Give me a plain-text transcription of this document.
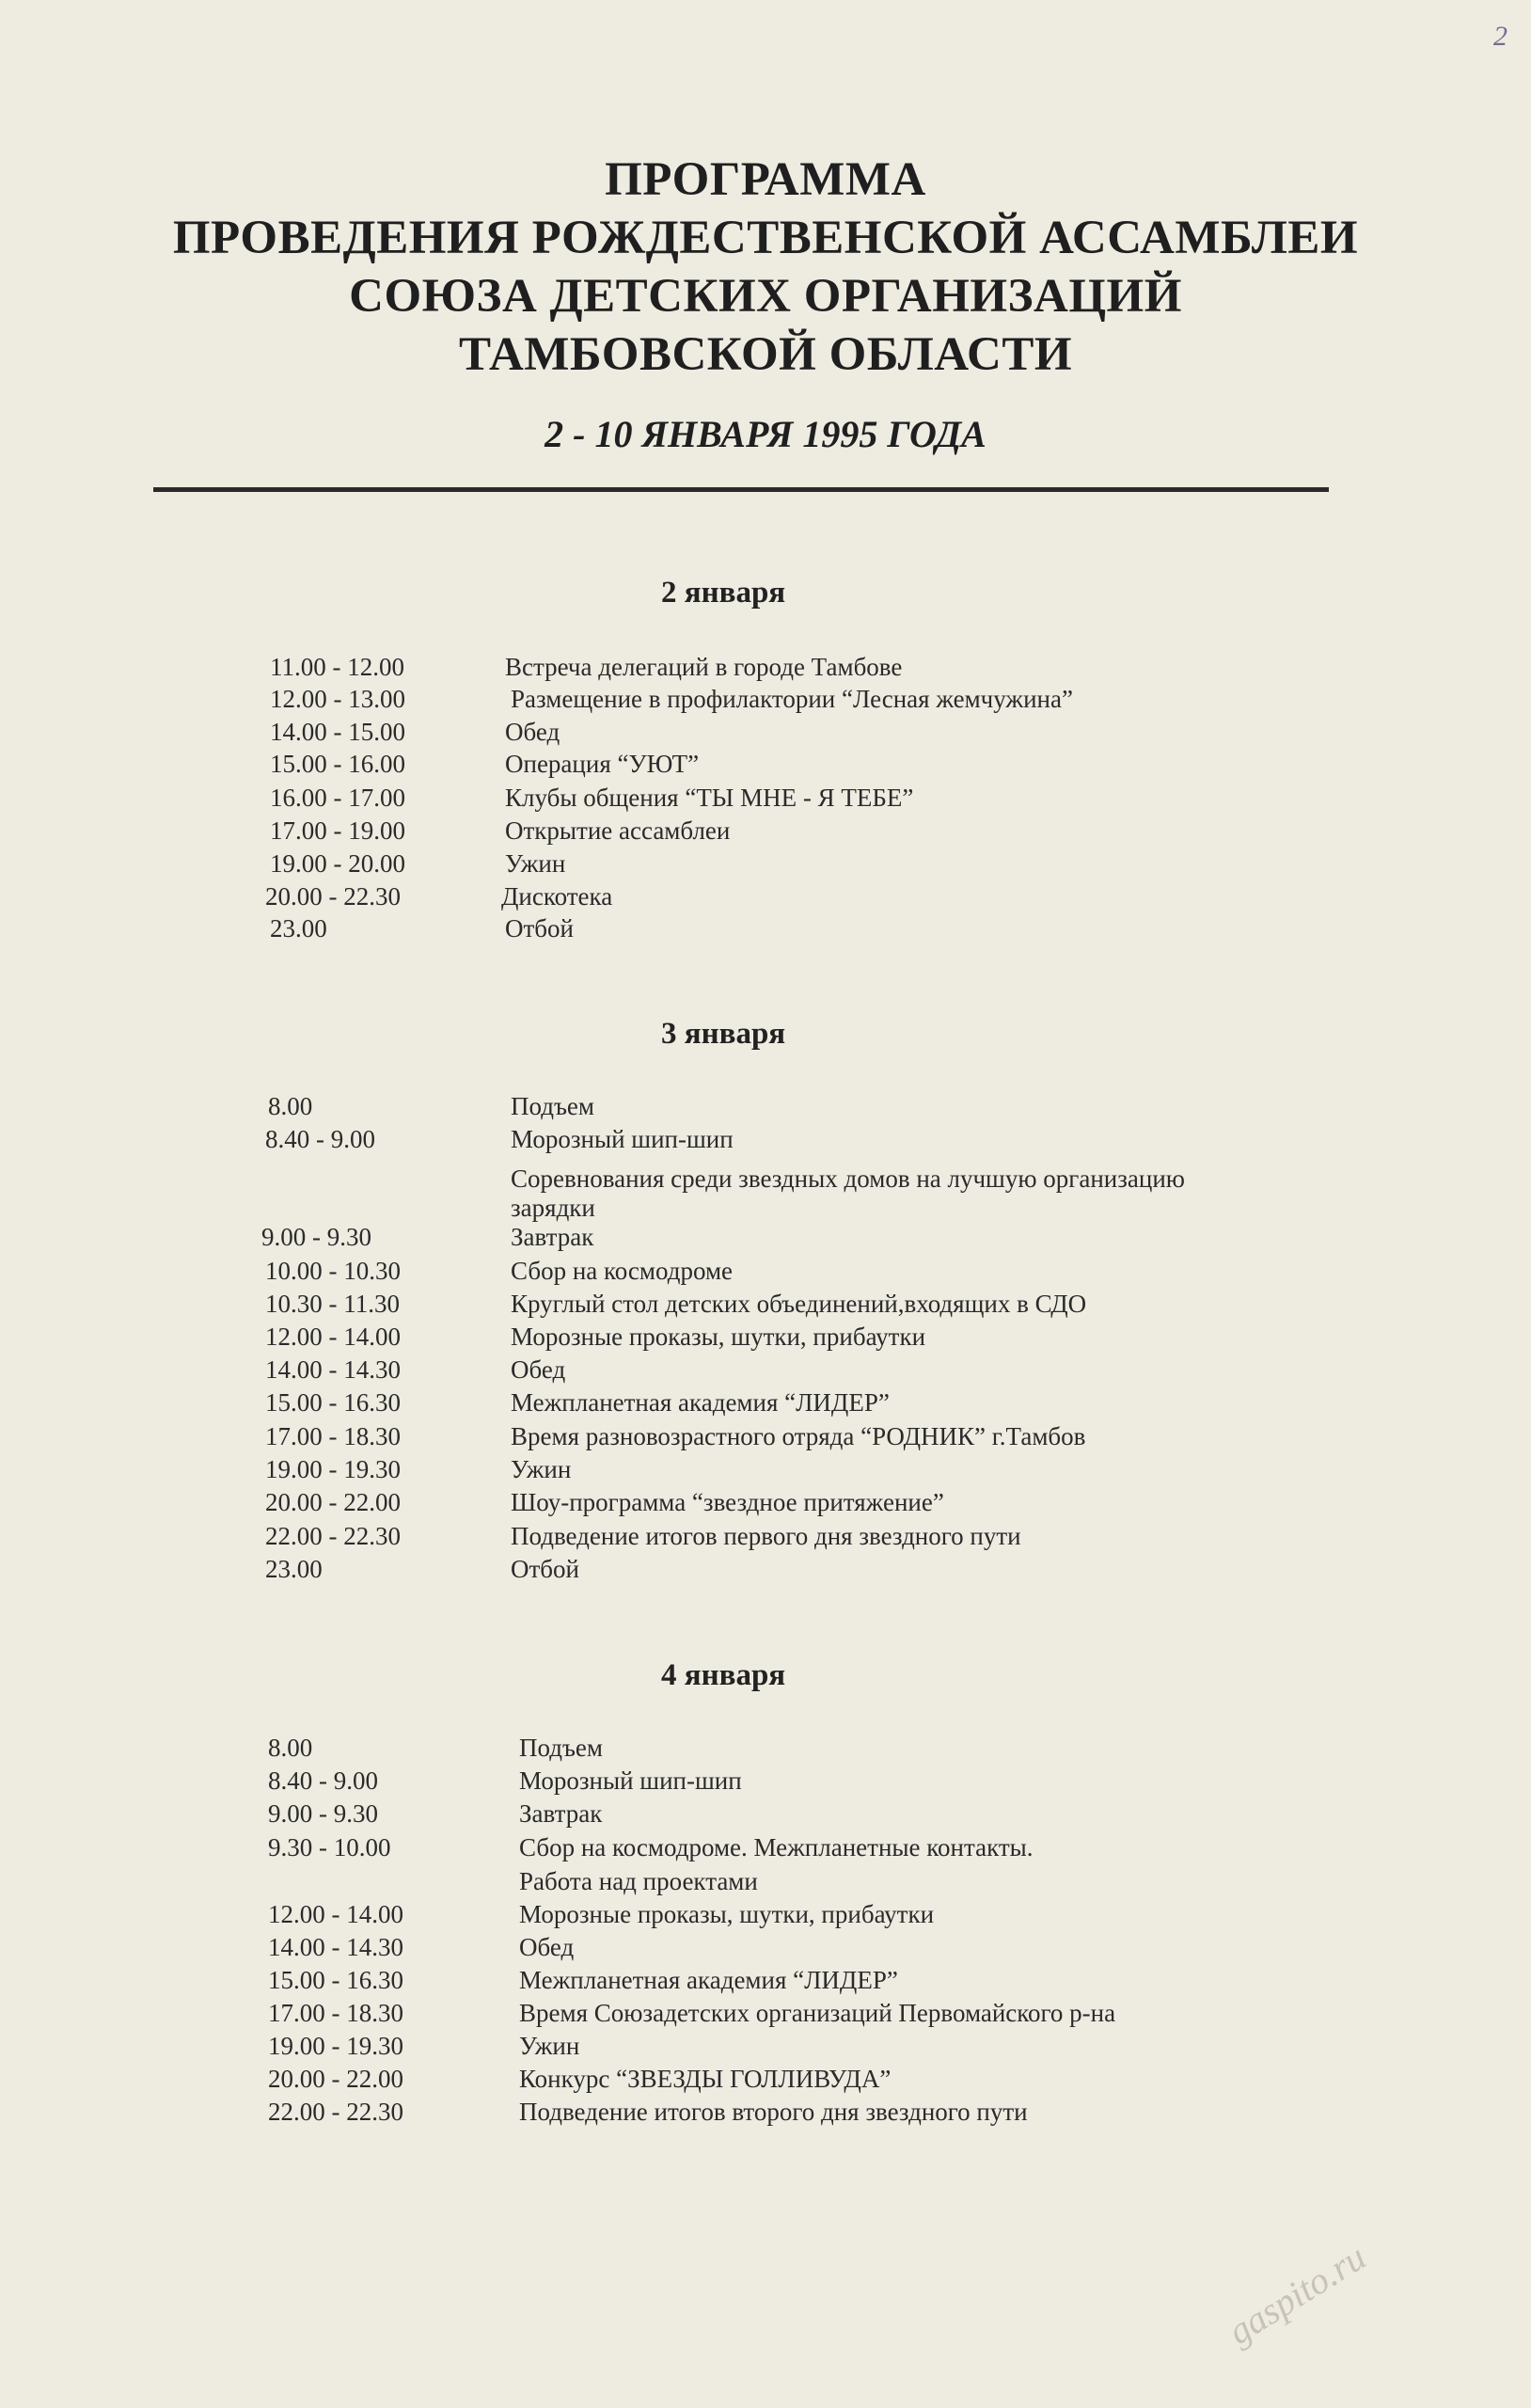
2
ПРОГРАММА
ПРОВЕДЕНИЯ РОЖДЕСТВЕНСКОЙ АССАМБЛЕИ
СОЮЗА ДЕТСКИХ ОРГАНИЗАЦИЙ
ТАМБОВСКОЙ ОБЛАСТИ
2 - 10 ЯНВАРЯ 1995 ГОДА
2 января
11.00 - 12.00	Встреча делегаций в городе Тамбове
12.00 - 13.00	Размещение в профилактории “Лесная жемчужина”
14.00 - 15.00	Обед
15.00 - 16.00	Операция “УЮТ”
16.00 - 17.00	Клубы общения “ТЫ МНЕ - Я ТЕБЕ”
17.00 - 19.00	Открытие ассамблеи
19.00 - 20.00	Ужин
20.00 - 22.30	Дискотека
23.00	Отбой
3 января
8.00	Подъем
8.40 - 9.00	Морозный шип-шип
Соревнования среди звездных домов на лучшую организацию
зарядки
9.00 - 9.30	Завтрак
10.00 - 10.30	Сбор на космодроме
10.30 - 11.30	Круглый стол детских объединений,входящих в СДО
12.00 - 14.00	Морозные проказы, шутки, прибаутки
14.00 - 14.30	Обед
15.00 - 16.30	Межпланетная академия “ЛИДЕР”
17.00 - 18.30	Время разновозрастного отряда “РОДНИК” г.Тамбов
19.00 - 19.30	Ужин
20.00 - 22.00	Шоу-программа “звездное притяжение”
22.00 - 22.30	Подведение итогов первого дня звездного пути
23.00	Отбой
4 января
8.00	Подъем
8.40 - 9.00	Морозный шип-шип
9.00 - 9.30	Завтрак
9.30 - 10.00	Сбор на космодроме. Межпланетные контакты.
Работа над проектами
12.00 - 14.00	Морозные проказы, шутки, прибаутки
14.00 - 14.30	Обед
15.00 - 16.30	Межпланетная академия “ЛИДЕР”
17.00 - 18.30	Время Союзадетских организаций Первомайского р-на
19.00 - 19.30	Ужин
20.00 - 22.00	Конкурс “ЗВЕЗДЫ ГОЛЛИВУДА”
22.00 - 22.30	Подведение итогов второго дня звездного пути
gaspito.ru
